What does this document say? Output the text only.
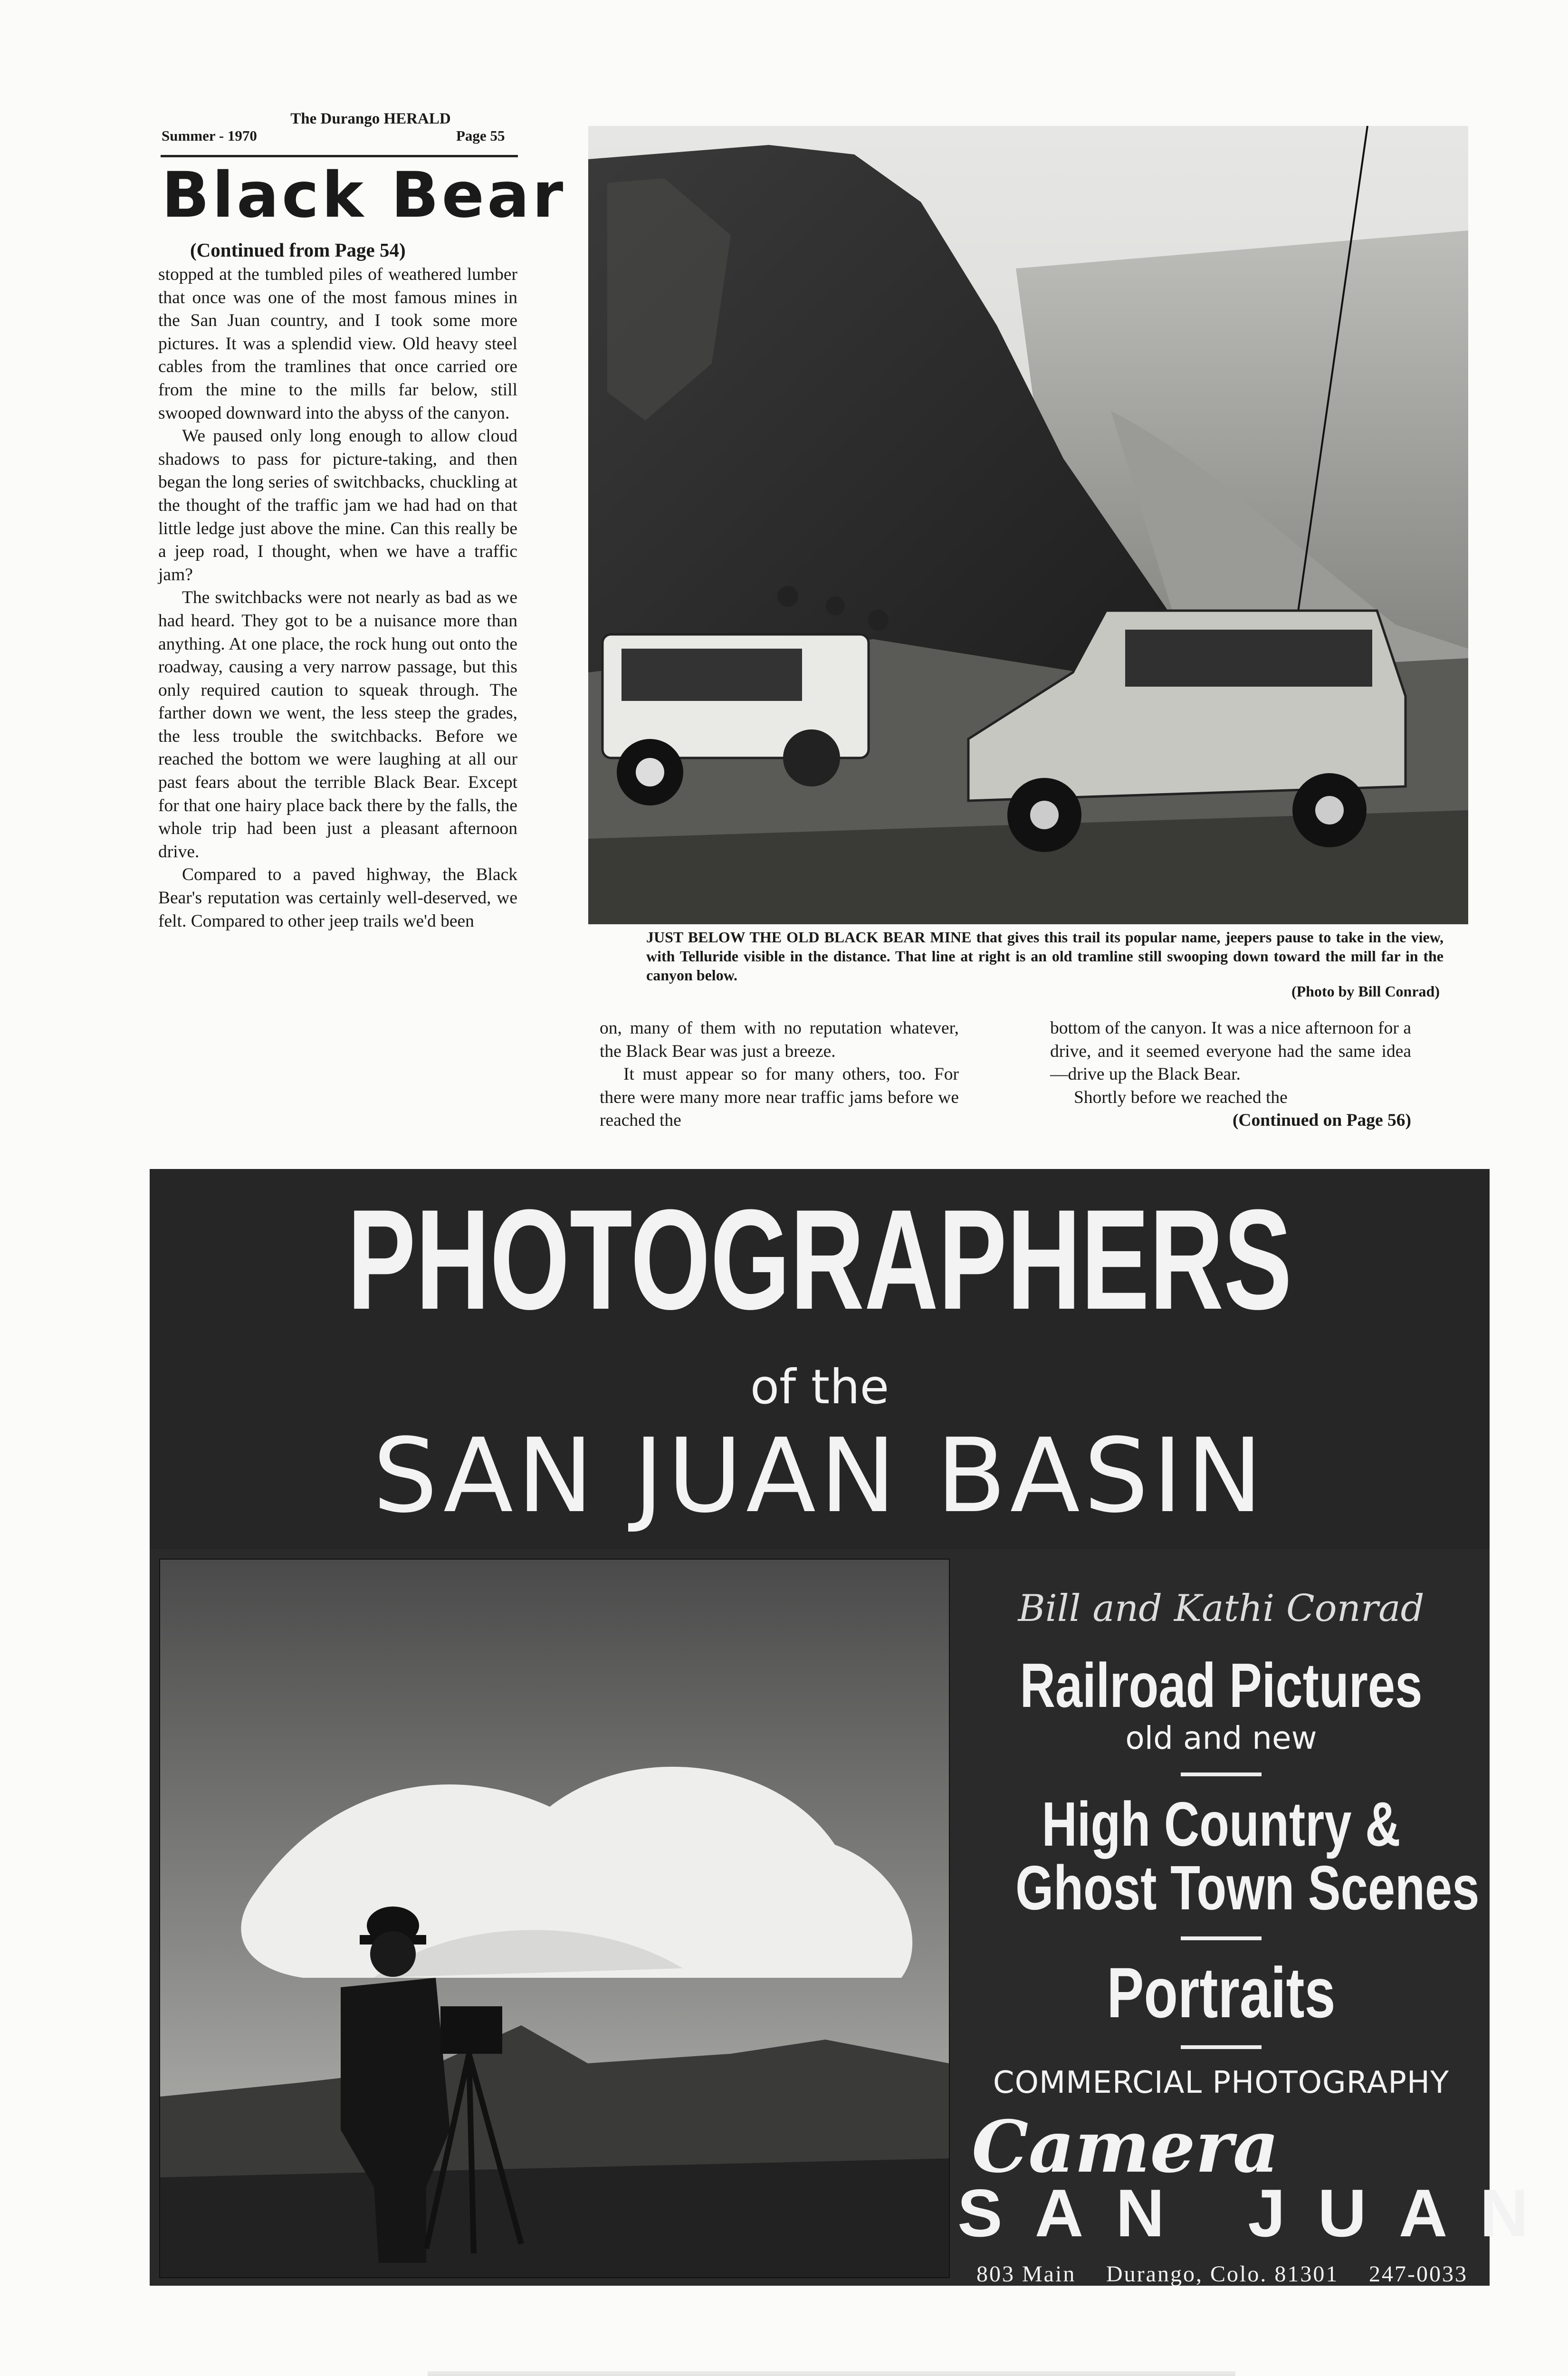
The Durango HERALD
Summer - 1970	Page 55
Black Bear
(Continued from Page 54)

stopped at the tumbled piles of weathered lumber that once was one of the most famous mines in the San Juan country, and I took some more pictures. It was a splendid view. Old heavy steel cables from the tramlines that once carried ore from the mine to the mills far below, still swooped downward into the abyss of the canyon.

We paused only long enough to allow cloud shadows to pass for picture-taking, and then began the long series of switchbacks, chuckling at the thought of the traffic jam we had had on that little ledge just above the mine. Can this really be a jeep road, I thought, when we have a traffic jam?

The switchbacks were not nearly as bad as we had heard. They got to be a nuisance more than anything. At one place, the rock hung out onto the roadway, causing a very narrow passage, but this only required caution to squeak through. The farther down we went, the less steep the grades, the less trouble the switchbacks. Before we reached the bottom we were laughing at all our past fears about the terrible Black Bear. Except for that one hairy place back there by the falls, the whole trip had been just a pleasant afternoon drive.

Compared to a paved highway, the Black Bear's reputation was certainly well-deserved, we felt. Compared to other jeep trails we'd been

JUST BELOW THE OLD BLACK BEAR MINE that gives this trail its popular name, jeepers pause to take in the view, with Telluride visible in the distance. That line at right is an old tramline still swooping down toward the mill far in the canyon below.
(Photo by Bill Conrad)

on, many of them with no reputation whatever, the Black Bear was just a breeze.

It must appear so for many others, too. For there were many more near traffic jams before we reached the

bottom of the canyon. It was a nice afternoon for a drive, and it seemed everyone had the same idea—drive up the Black Bear.

Shortly before we reached the

(Continued on Page 56)
PHOTOGRAPHERS
of the
SAN JUAN BASIN
Bill and Kathi Conrad
Railroad Pictures
old and new
High Country &
Ghost Town Scenes
Portraits
COMMERCIAL PHOTOGRAPHY
Camera
SAN JUAN
803 Main Durango, Colo. 81301 247-0033
